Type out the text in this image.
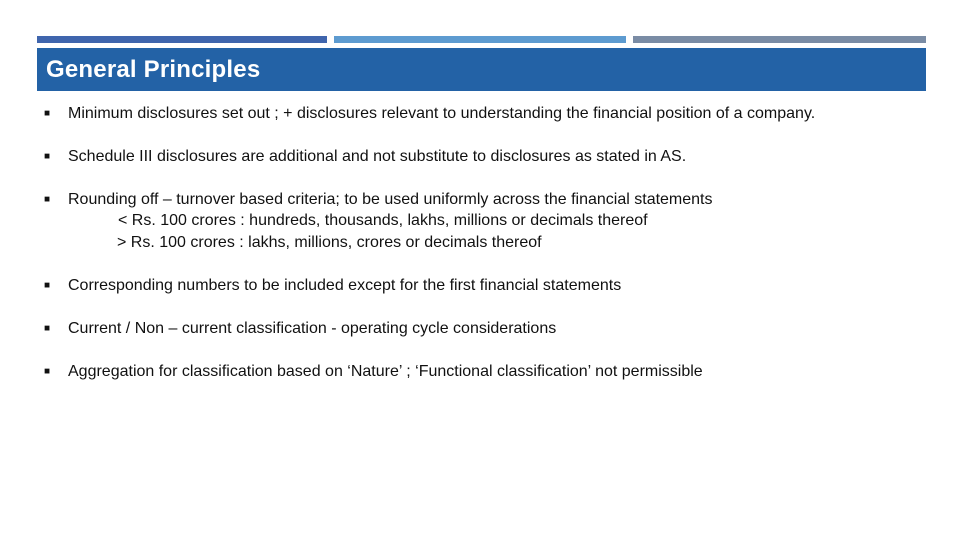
General Principles
■ Minimum disclosures set out ; + disclosures relevant to understanding the financial position of a company.
■ Schedule III disclosures are additional and not substitute to disclosures as stated in AS.
■ Rounding off – turnover based criteria; to be used uniformly across the financial statements
< Rs. 100 crores : hundreds, thousands, lakhs, millions or decimals thereof
> Rs. 100 crores : lakhs, millions, crores or decimals thereof
■ Corresponding numbers to be included except for the first financial statements
■ Current / Non – current classification - operating cycle considerations
■ Aggregation for classification based on ‘Nature’ ; ‘Functional classification’ not permissible
